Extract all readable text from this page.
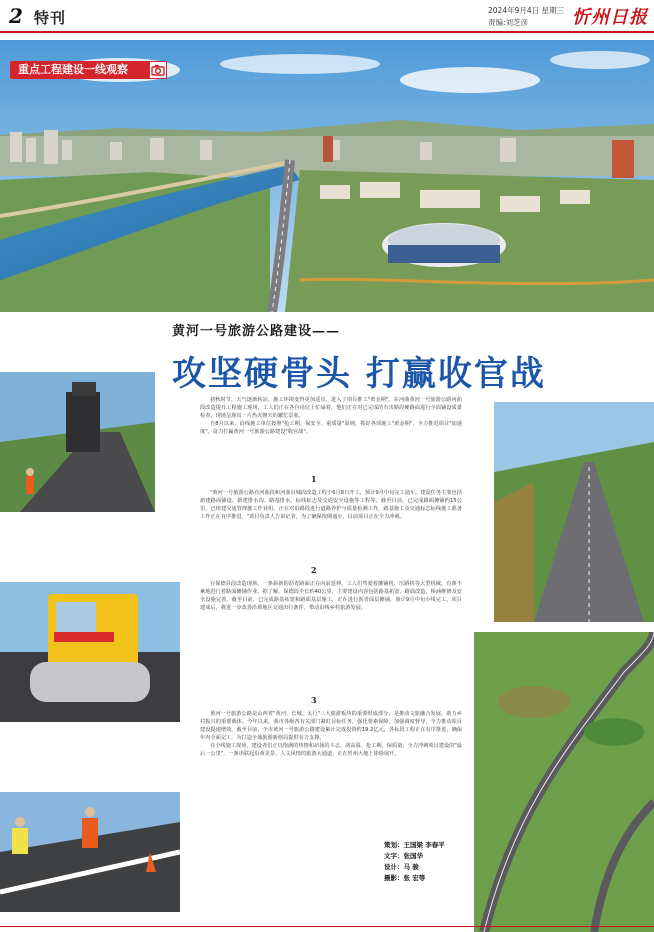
2 特刊	2024年9月4日 星期三
责编:刘芝彦 忻州日报
重点工程建设一线观察
黄河一号旅游公路建设——
攻坚硬骨头 打赢收官战

初秋时节，天气逐渐转凉，施工环境变得更加适宜，进入了项目推工"黄金期"。在河曲黄河一号旅游公路河曲段改造提升工程施工现场，工人们正在各自岗位上忙碌着，他们正在对已完成的有害路段硬路面进行全面铺设质量检查，现场呈现出一片热火朝天的繁忙景象。

自8月以来，沿线施工单位按照"抢工期、保安全、重质量"原则，抓好各项施工"黄金期"，全力推进项目"加速度"，奋力打赢黄河一号旅游公路建设"收官战"。

1

"黄河一号旅游公路有河曲段和河曲县城段改造工程于6月8日开工，预计9月中旬完工通车。建设任务主要包括新建路面铺设、新建排水沟、路基排水、标线标志及交通安全设施等工程等。截至目前，已完成路面摊铺约15公里，已组建交通管理施工作业组，正在对沿路段进行道路养护与质量检测工作，路基施工及交通标志标线施工准备工作正在有序推进。"项目负责人告诉记者，为了确保按期通车，目前项目正在全力冲刺。

2

在保德县段改造现场，一条崭新的沥青路面正在向前延伸。工人们驾驶着摊铺机、压路机等大型机械，有条不紊地进行着路面摊铺作业。据了解，保德段全长约40公里，主要建设内容包括路基拓宽、路面改造、桥涵维修及安全设施完善。截至目前，已完成路基拓宽和路面基层施工，正在进行沥青面层摊铺，预计9月中旬全线完工。项目建成后，将进一步改善沿黄地区交通出行条件，带动沿线乡村旅游发展。

3

黄河一号旅游公路是山西省"黄河、长城、太行"三大旅游板块的重要组成部分，是推动文旅融合发展、助力乡村振兴的重要载体。今年以来，我市各级各有关部门紧盯目标任务，强化要素保障，加强调度督导，全力推动项目建设提速增效。截至目前，全市黄河一号旅游公路建设累计完成投资约19.2亿元，各标段工程正在有序推进，确保年内全面完工，为打造全域旅游新格局提供有力支撑。

在全线施工现场，建设者们正以饱满的热情和昂扬的斗志，战高温、抢工期、保质量，全力冲刺项目建设的"最后一公里"。一条串联起沿黄美景、人文风情的旅游大通道，正在忻州大地上徐徐展开。

策划：王国梁 李春平
文字：张国华
设计：马 骏
摄影：张 宏等
